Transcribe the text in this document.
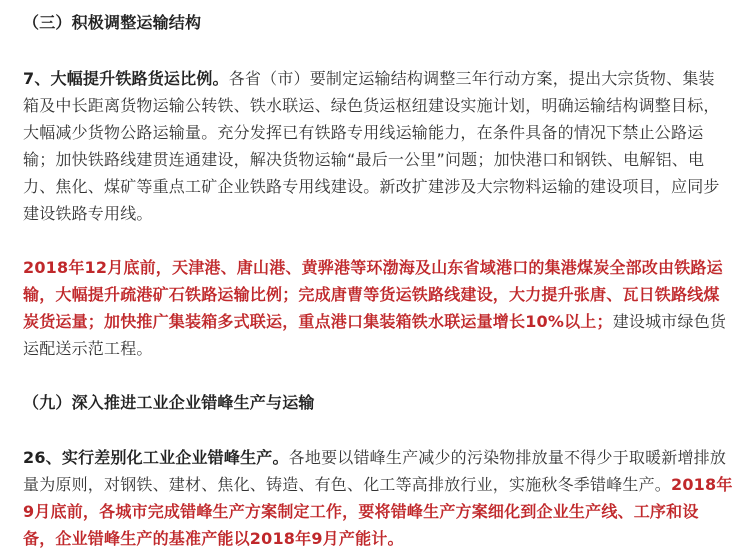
（三）积极调整运输结构
7、大幅提升铁路货运比例。各省（市）要制定运输结构调整三年行动方案，提出大宗货物、集装
箱及中长距离货物运输公转铁、铁水联运、绿色货运枢纽建设实施计划，明确运输结构调整目标，
大幅减少货物公路运输量。充分发挥已有铁路专用线运输能力，在条件具备的情况下禁止公路运
输；加快铁路线建贯连通建设，解决货物运输“最后一公里”问题；加快港口和钢铁、电解铝、电
力、焦化、煤矿等重点工矿企业铁路专用线建设。新改扩建涉及大宗物料运输的建设项目，应同步
建设铁路专用线。
2018年12月底前，天津港、唐山港、黄骅港等环渤海及山东省域港口的集港煤炭全部改由铁路运
输，大幅提升疏港矿石铁路运输比例；完成唐曹等货运铁路线建设，大力提升张唐、瓦日铁路线煤
炭货运量；加快推广集装箱多式联运，重点港口集装箱铁水联运量增长10%以上；建设城市绿色货
运配送示范工程。
（九）深入推进工业企业错峰生产与运输
26、实行差别化工业企业错峰生产。各地要以错峰生产减少的污染物排放量不得少于取暖新增排放
量为原则，对钢铁、建材、焦化、铸造、有色、化工等高排放行业，实施秋冬季错峰生产。2018年
9月底前，各城市完成错峰生产方案制定工作，要将错峰生产方案细化到企业生产线、工序和设
备，企业错峰生产的基准产能以2018年9月产能计。
